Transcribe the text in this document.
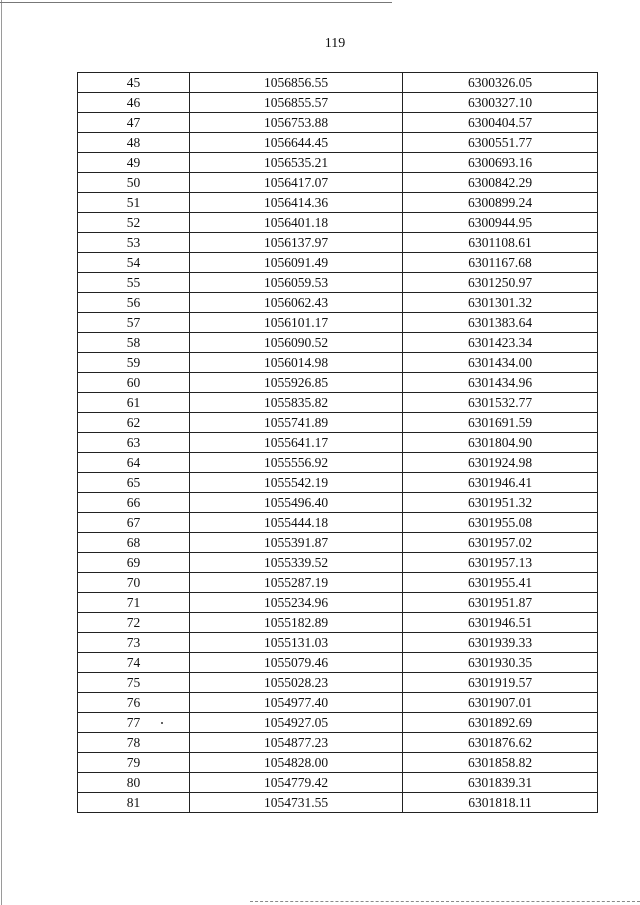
119
45	1056856.55	6300326.05
46	1056855.57	6300327.10
47	1056753.88	6300404.57
48	1056644.45	6300551.77
49	1056535.21	6300693.16
50	1056417.07	6300842.29
51	1056414.36	6300899.24
52	1056401.18	6300944.95
53	1056137.97	6301108.61
54	1056091.49	6301167.68
55	1056059.53	6301250.97
56	1056062.43	6301301.32
57	1056101.17	6301383.64
58	1056090.52	6301423.34
59	1056014.98	6301434.00
60	1055926.85	6301434.96
61	1055835.82	6301532.77
62	1055741.89	6301691.59
63	1055641.17	6301804.90
64	1055556.92	6301924.98
65	1055542.19	6301946.41
66	1055496.40	6301951.32
67	1055444.18	6301955.08
68	1055391.87	6301957.02
69	1055339.52	6301957.13
70	1055287.19	6301955.41
71	1055234.96	6301951.87
72	1055182.89	6301946.51
73	1055131.03	6301939.33
74	1055079.46	6301930.35
75	1055028.23	6301919.57
76	1054977.40	6301907.01
77	1054927.05	6301892.69
78	1054877.23	6301876.62
79	1054828.00	6301858.82
80	1054779.42	6301839.31
81	1054731.55	6301818.11
